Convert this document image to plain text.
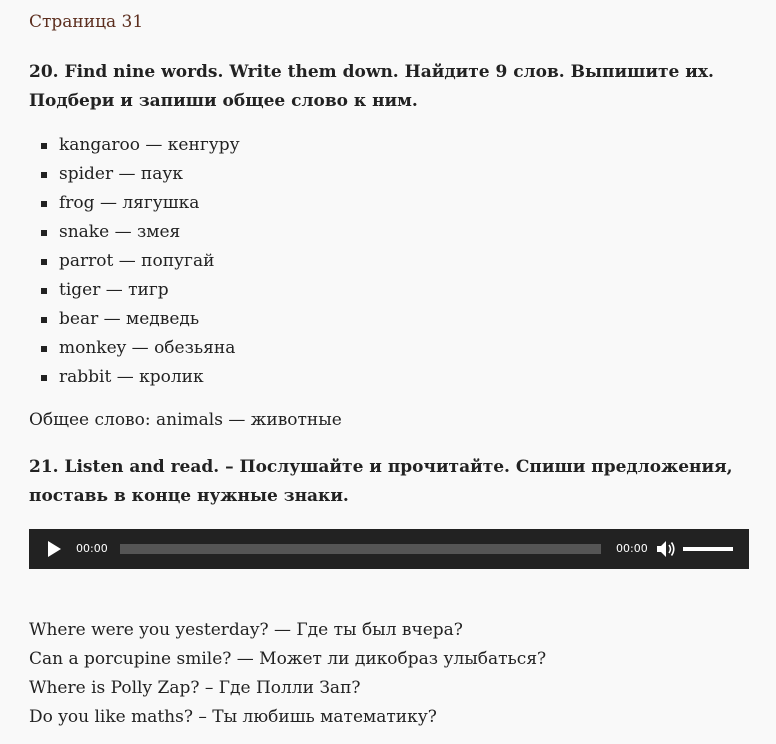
Страница 31
20. Find nine words. Write them down. Найдите 9 слов. Выпишите их.
Подбери и запиши общее слово к ним.
kangaroo — кенгуру
spider — паук
frog — лягушка
snake — змея
parrot — попугай
tiger — тигр
bear — медведь
monkey — обезьяна
rabbit — кролик
Общее слово: animals — животные
21. Listen and read. – Послушайте и прочитайте. Спиши предложения,
поставь в конце нужные знаки.
00:00	00:00
Where were you yesterday? — Где ты был вчера?
Can a porcupine smile? — Может ли дикобраз улыбаться?
Where is Polly Zap? – Где Полли Зап?
Do you like maths? – Ты любишь математику?
